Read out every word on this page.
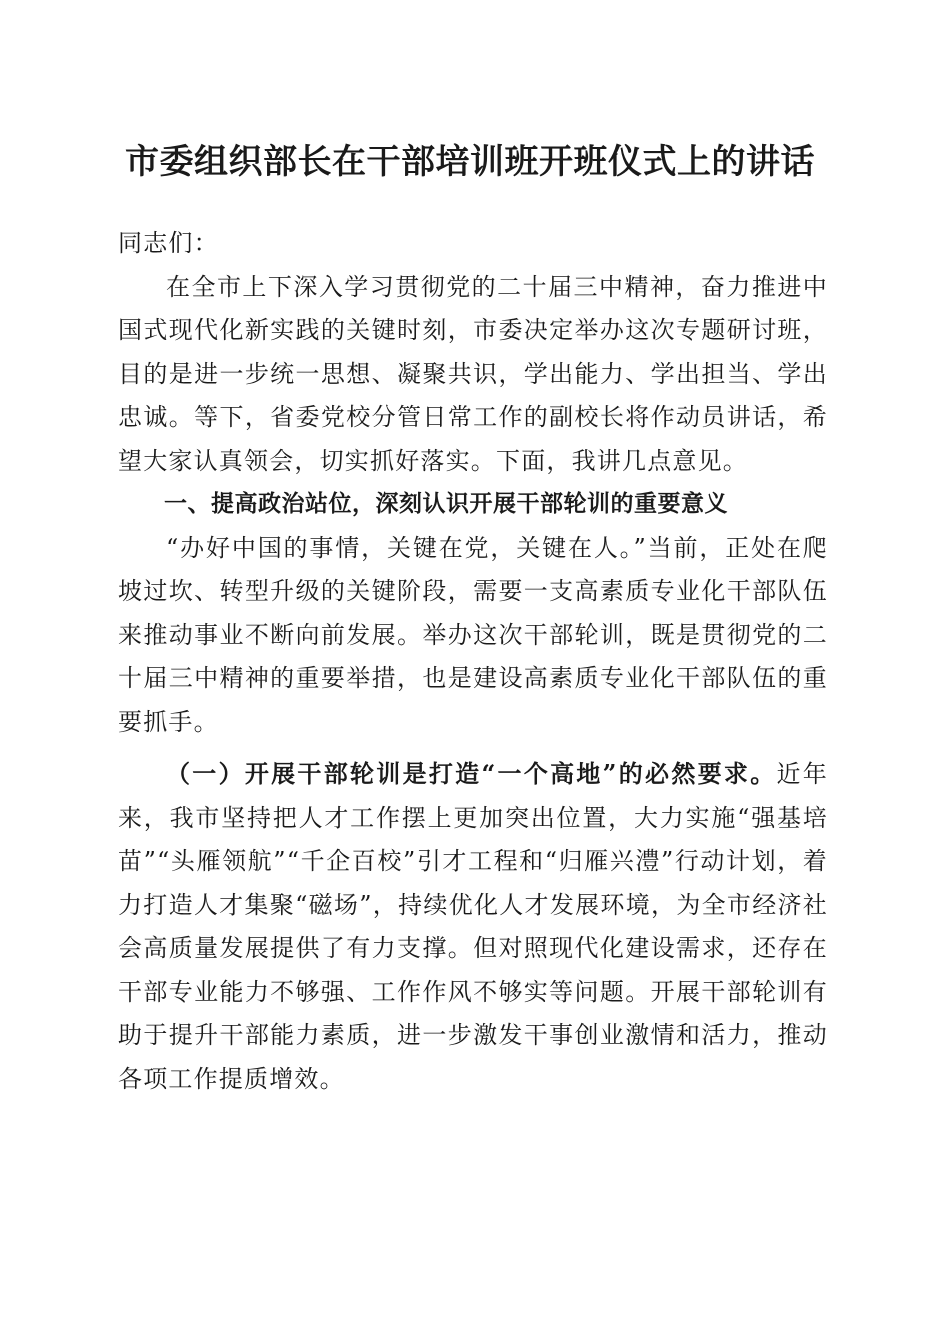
市委组织部长在干部培训班开班仪式上的讲话

同志们：

在全市上下深入学习贯彻党的二十届三中精神，奋力推进中国式现代化新实践的关键时刻，市委决定举办这次专题研讨班，目的是进一步统一思想、凝聚共识，学出能力、学出担当、学出忠诚。等下，省委党校分管日常工作的副校长将作动员讲话，希望大家认真领会，切实抓好落实。下面，我讲几点意见。

一、提高政治站位，深刻认识开展干部轮训的重要意义

“办好中国的事情，关键在党，关键在人。”当前，正处在爬坡过坎、转型升级的关键阶段，需要一支高素质专业化干部队伍来推动事业不断向前发展。举办这次干部轮训，既是贯彻党的二十届三中精神的重要举措，也是建设高素质专业化干部队伍的重要抓手。

（一）开展干部轮训是打造“一个高地”的必然要求。近年来，我市坚持把人才工作摆上更加突出位置，大力实施“强基培苗”“头雁领航”“千企百校”引才工程和“归雁兴澧”行动计划，着力打造人才集聚“磁场”，持续优化人才发展环境，为全市经济社会高质量发展提供了有力支撑。但对照现代化建设需求，还存在干部专业能力不够强、工作作风不够实等问题。开展干部轮训有助于提升干部能力素质，进一步激发干事创业激情和活力，推动各项工作提质增效。
